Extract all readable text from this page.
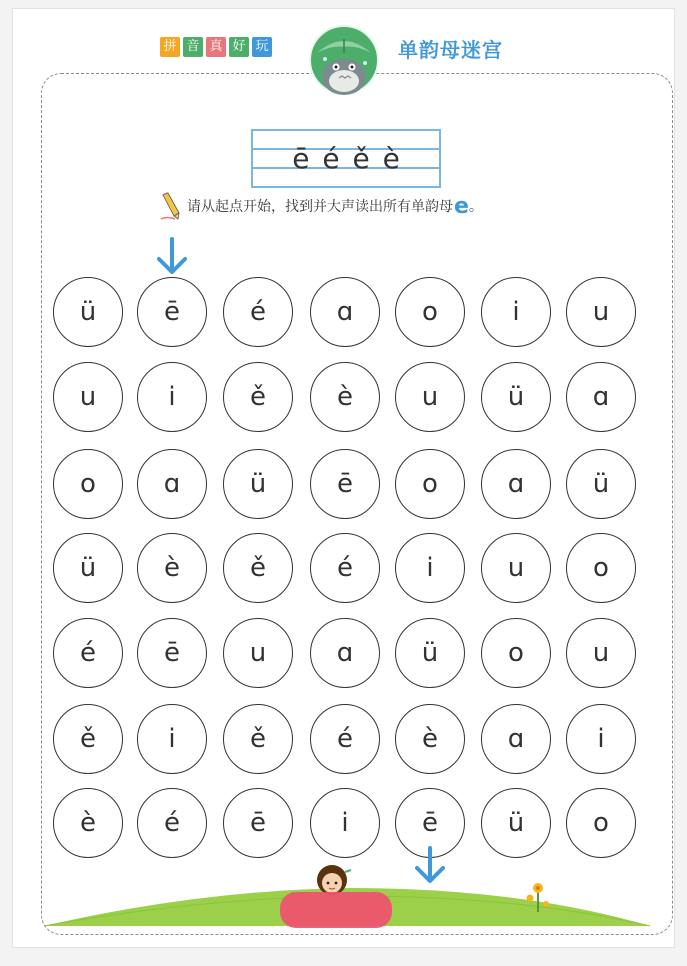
拼 音 真 好 玩	单韵母迷宫
ē é ě è
请从起点开始，找到并大声读出所有单韵母 e 。
ü	ē	é	ɑ	o	i	u
u	i	ě	è	u	ü	ɑ
o	ɑ	ü	ē	o	ɑ	ü
ü	è	ě	é	i	u	o
é	ē	u	ɑ	ü	o	u
ě	i	ě	é	è	ɑ	i
è	é	ē	i	ē	ü	o
